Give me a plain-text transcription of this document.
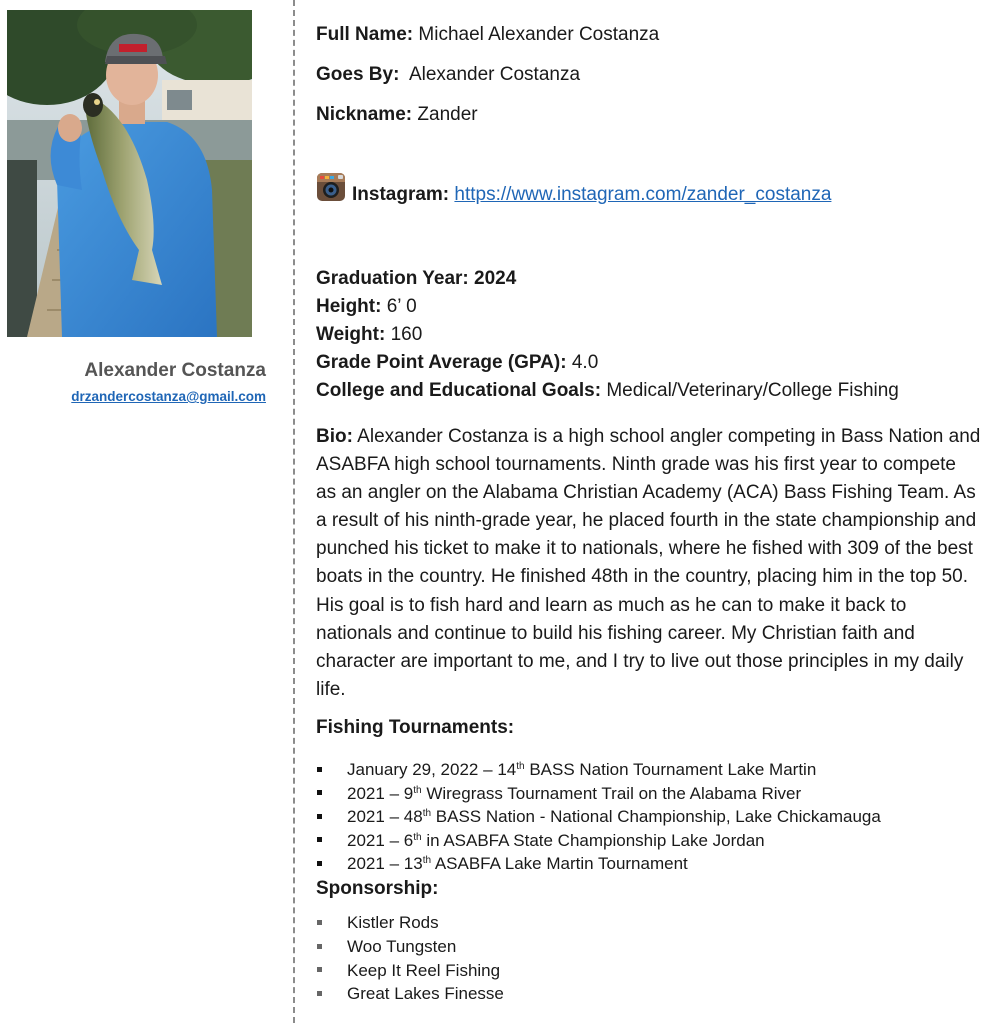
Alexander Costanza
drzandercostanza@gmail.com
Full Name: Michael Alexander Costanza
Goes By: Alexander Costanza
Nickname: Zander
Instagram: https://www.instagram.com/zander_costanza
Graduation Year: 2024
Height: 6’ 0
Weight: 160
Grade Point Average (GPA): 4.0
College and Educational Goals: Medical/Veterinary/College Fishing
Bio: Alexander Costanza is a high school angler competing in Bass Nation and ASABFA high school tournaments. Ninth grade was his first year to compete as an angler on the Alabama Christian Academy (ACA) Bass Fishing Team. As a result of his ninth-grade year, he placed fourth in the state championship and punched his ticket to make it to nationals, where he fished with 309 of the best boats in the country. He finished 48th in the country, placing him in the top 50. His goal is to fish hard and learn as much as he can to make it back to nationals and continue to build his fishing career. My Christian faith and character are important to me, and I try to live out those principles in my daily life.
Fishing Tournaments:
January 29, 2022 – 14th BASS Nation Tournament Lake Martin
2021 – 9th Wiregrass Tournament Trail on the Alabama River
2021 – 48th BASS Nation - National Championship, Lake Chickamauga
2021 – 6th in ASABFA State Championship Lake Jordan
2021 – 13th ASABFA Lake Martin Tournament
Sponsorship:
Kistler Rods
Woo Tungsten
Keep It Reel Fishing
Great Lakes Finesse
